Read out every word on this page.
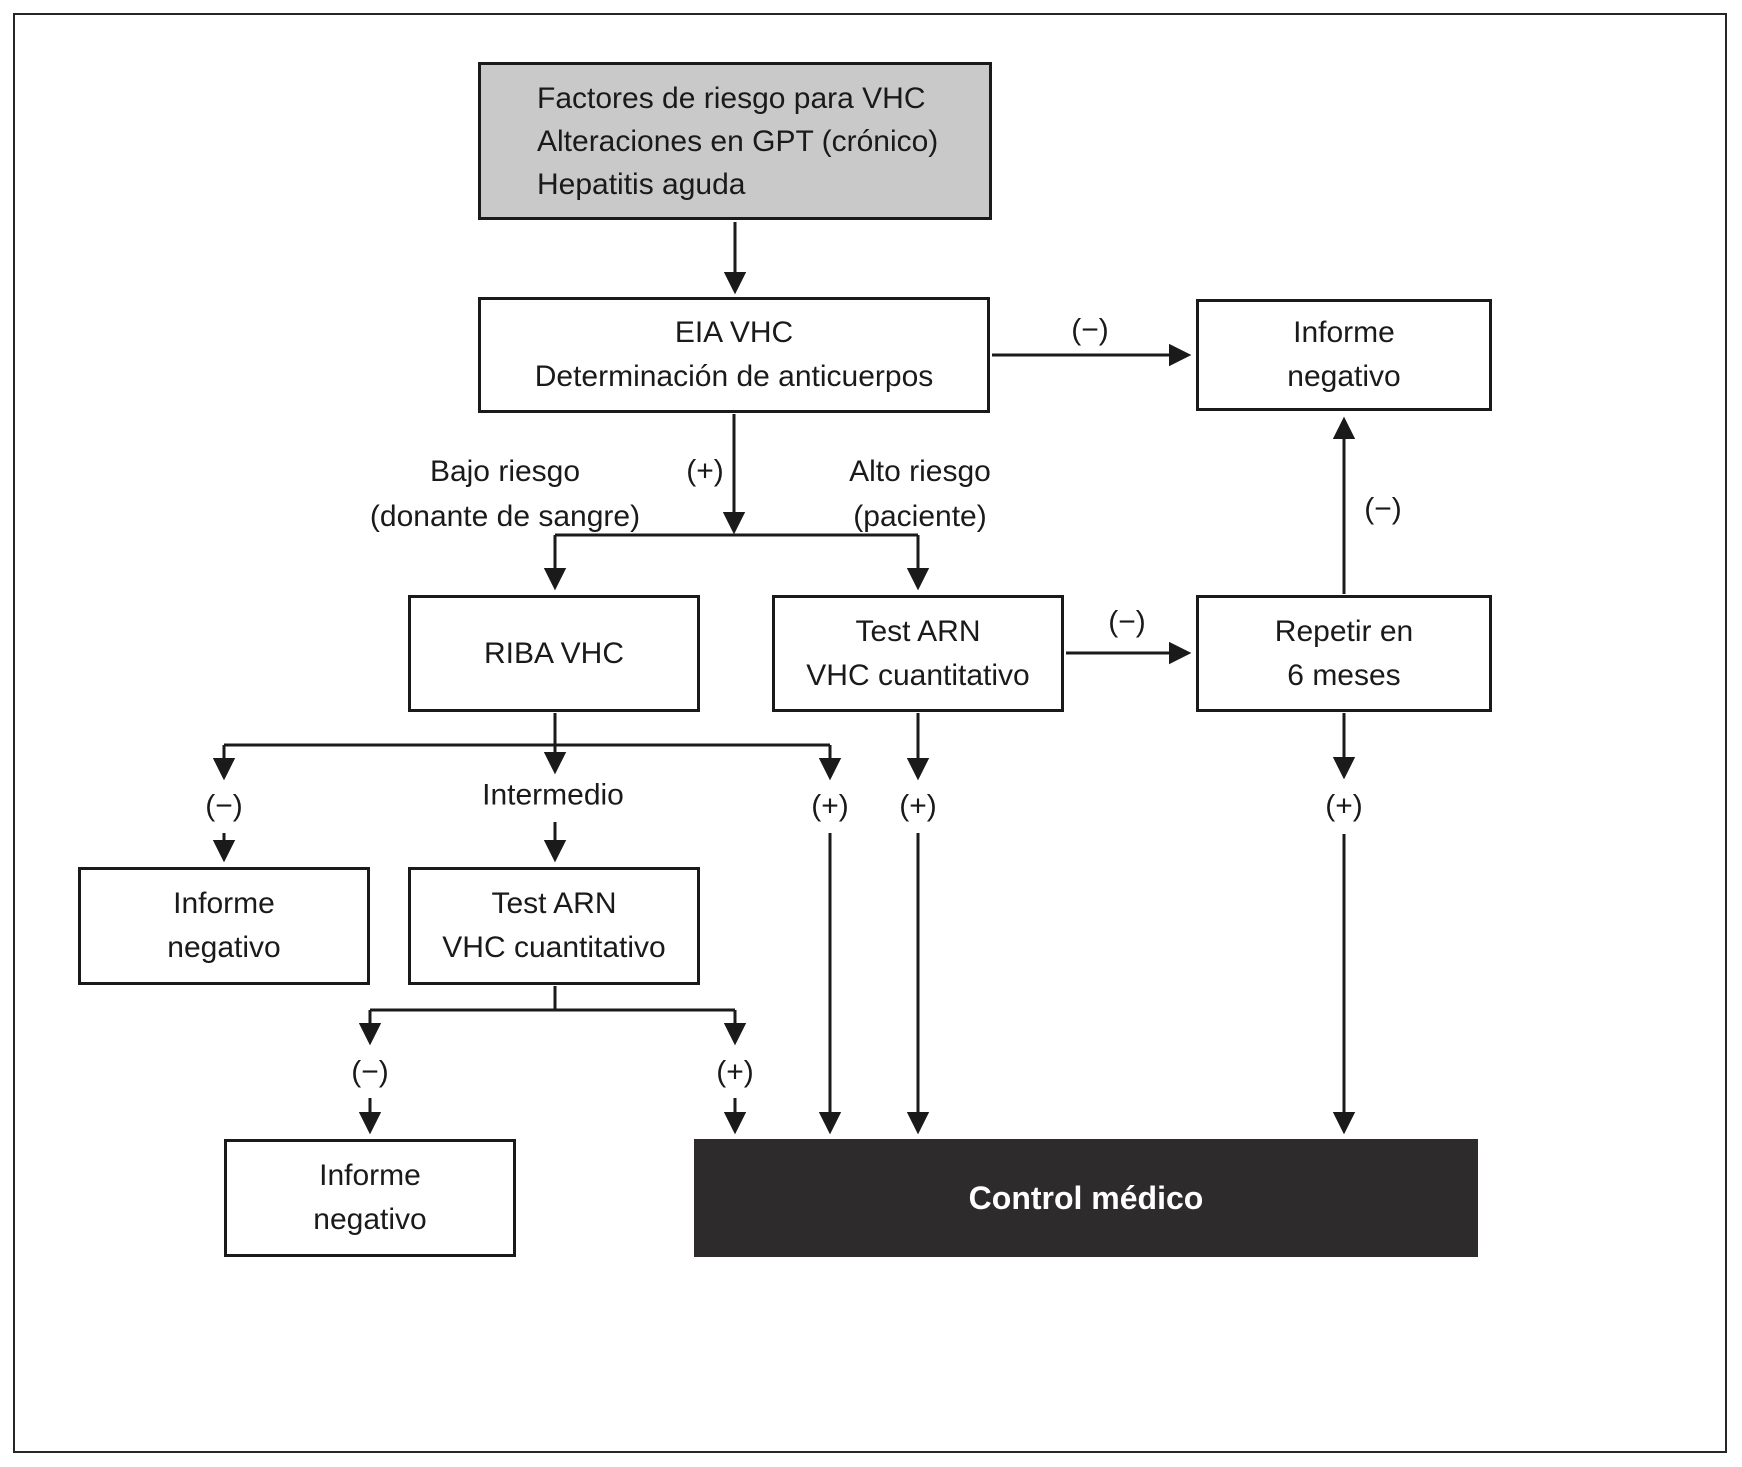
Factores de riesgo para VHC
Alteraciones en GPT (crónico)
Hepatitis aguda
EIA VHC
Determinación de anticuerpos
Informe
negativo
RIBA VHC
Test ARN
VHC cuantitativo
Repetir en
6 meses
Informe
negativo
Test ARN
VHC cuantitativo
Informe
negativo
Control médico
(−)
(+)
Bajo riesgo
(donante de sangre)
Alto riesgo
(paciente)
(−)
(−)
(+)
(−)	Intermedio	(+) (+)
(−)	(+)
